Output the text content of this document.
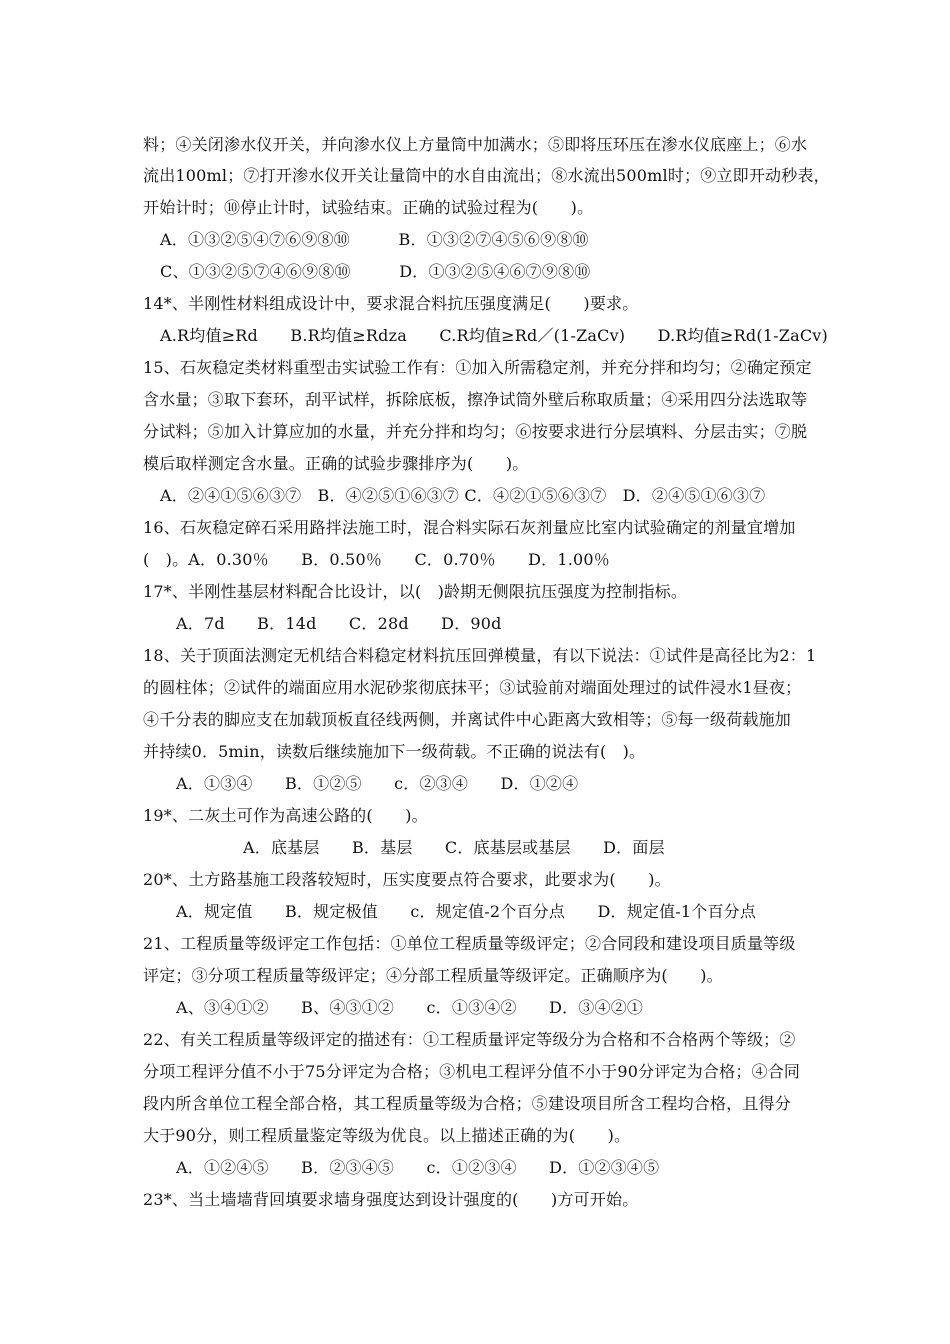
料；④关闭渗水仪开关，并向渗水仪上方量筒中加满水；⑤即将压环压在渗水仪底座上；⑥水
流出100ml；⑦打开渗水仪开关让量筒中的水自由流出；⑧水流出500ml时；⑨立即开动秒表，
开始计时；⑩停止计时，试验结束。正确的试验过程为(　　)。
A．①③②⑤④⑦⑥⑨⑧⑩　　　B．①③②⑦④⑤⑥⑨⑧⑩
C、①③②⑤⑦④⑥⑨⑧⑩　　　D．①③②⑤④⑥⑦⑨⑧⑩
14*、半刚性材料组成设计中，要求混合料抗压强度满足(　　)要求。
A.R均值≥Rd　　B.R均值≥Rdza　　C.R均值≥Rd／(1-ZaCv)　　D.R均值≥Rd(1-ZaCv)
15、石灰稳定类材料重型击实试验工作有：①加入所需稳定剂，并充分拌和均匀；②确定预定
含水量；③取下套环，刮平试样，拆除底板，擦净试筒外壁后称取质量；④采用四分法选取等
分试料；⑤加入计算应加的水量，并充分拌和均匀；⑥按要求进行分层填料、分层击实；⑦脱
模后取样测定含水量。正确的试验步骤排序为(　　)。
A．②④①⑤⑥③⑦　B．④②⑤①⑥③⑦ C．④②①⑤⑥③⑦　D．②④⑤①⑥③⑦
16、石灰稳定碎石采用路拌法施工时，混合料实际石灰剂量应比室内试验确定的剂量宜增加
(　)。A．0.30％　　B．0.50％　　C．0.70％　　D．1.00％
17*、半刚性基层材料配合比设计，以(　)龄期无侧限抗压强度为控制指标。
A．7d　　B．14d　　C．28d　　D．90d
18、关于顶面法测定无机结合料稳定材料抗压回弹模量，有以下说法：①试件是高径比为2：1
的圆柱体；②试件的端面应用水泥砂浆彻底抹平；③试验前对端面处理过的试件浸水1昼夜；
④千分表的脚应支在加载顶板直径线两侧，并离试件中心距离大致相等；⑤每一级荷载施加
并持续0．5min，读数后继续施加下一级荷载。不正确的说法有(　)。
A．①③④　　B．①②⑤　　c．②③④　　D．①②④
19*、二灰土可作为高速公路的(　　)。
A．底基层　　B．基层　　C．底基层或基层　　D．面层
20*、土方路基施工段落较短时，压实度要点符合要求，此要求为(　　)。
A．规定值　　B．规定极值　　c．规定值-2个百分点　　D．规定值-1个百分点
21、工程质量等级评定工作包括：①单位工程质量等级评定；②合同段和建设项目质量等级
评定；③分项工程质量等级评定；④分部工程质量等级评定。正确顺序为(　　)。
A、③④①②　　B、④③①②　　c．①③④②　　D．③④②①
22、有关工程质量等级评定的描述有：①工程质量评定等级分为合格和不合格两个等级；②
分项工程评分值不小于75分评定为合格；③机电工程评分值不小于90分评定为合格；④合同
段内所含单位工程全部合格，其工程质量等级为合格；⑤建设项目所含工程均合格，且得分
大于90分，则工程质量鉴定等级为优良。以上描述正确的为(　　)。
A．①②④⑤　　B．②③④⑤　　c．①②③④　　D．①②③④⑤
23*、当土墙墙背回填要求墙身强度达到设计强度的(　　)方可开始。
